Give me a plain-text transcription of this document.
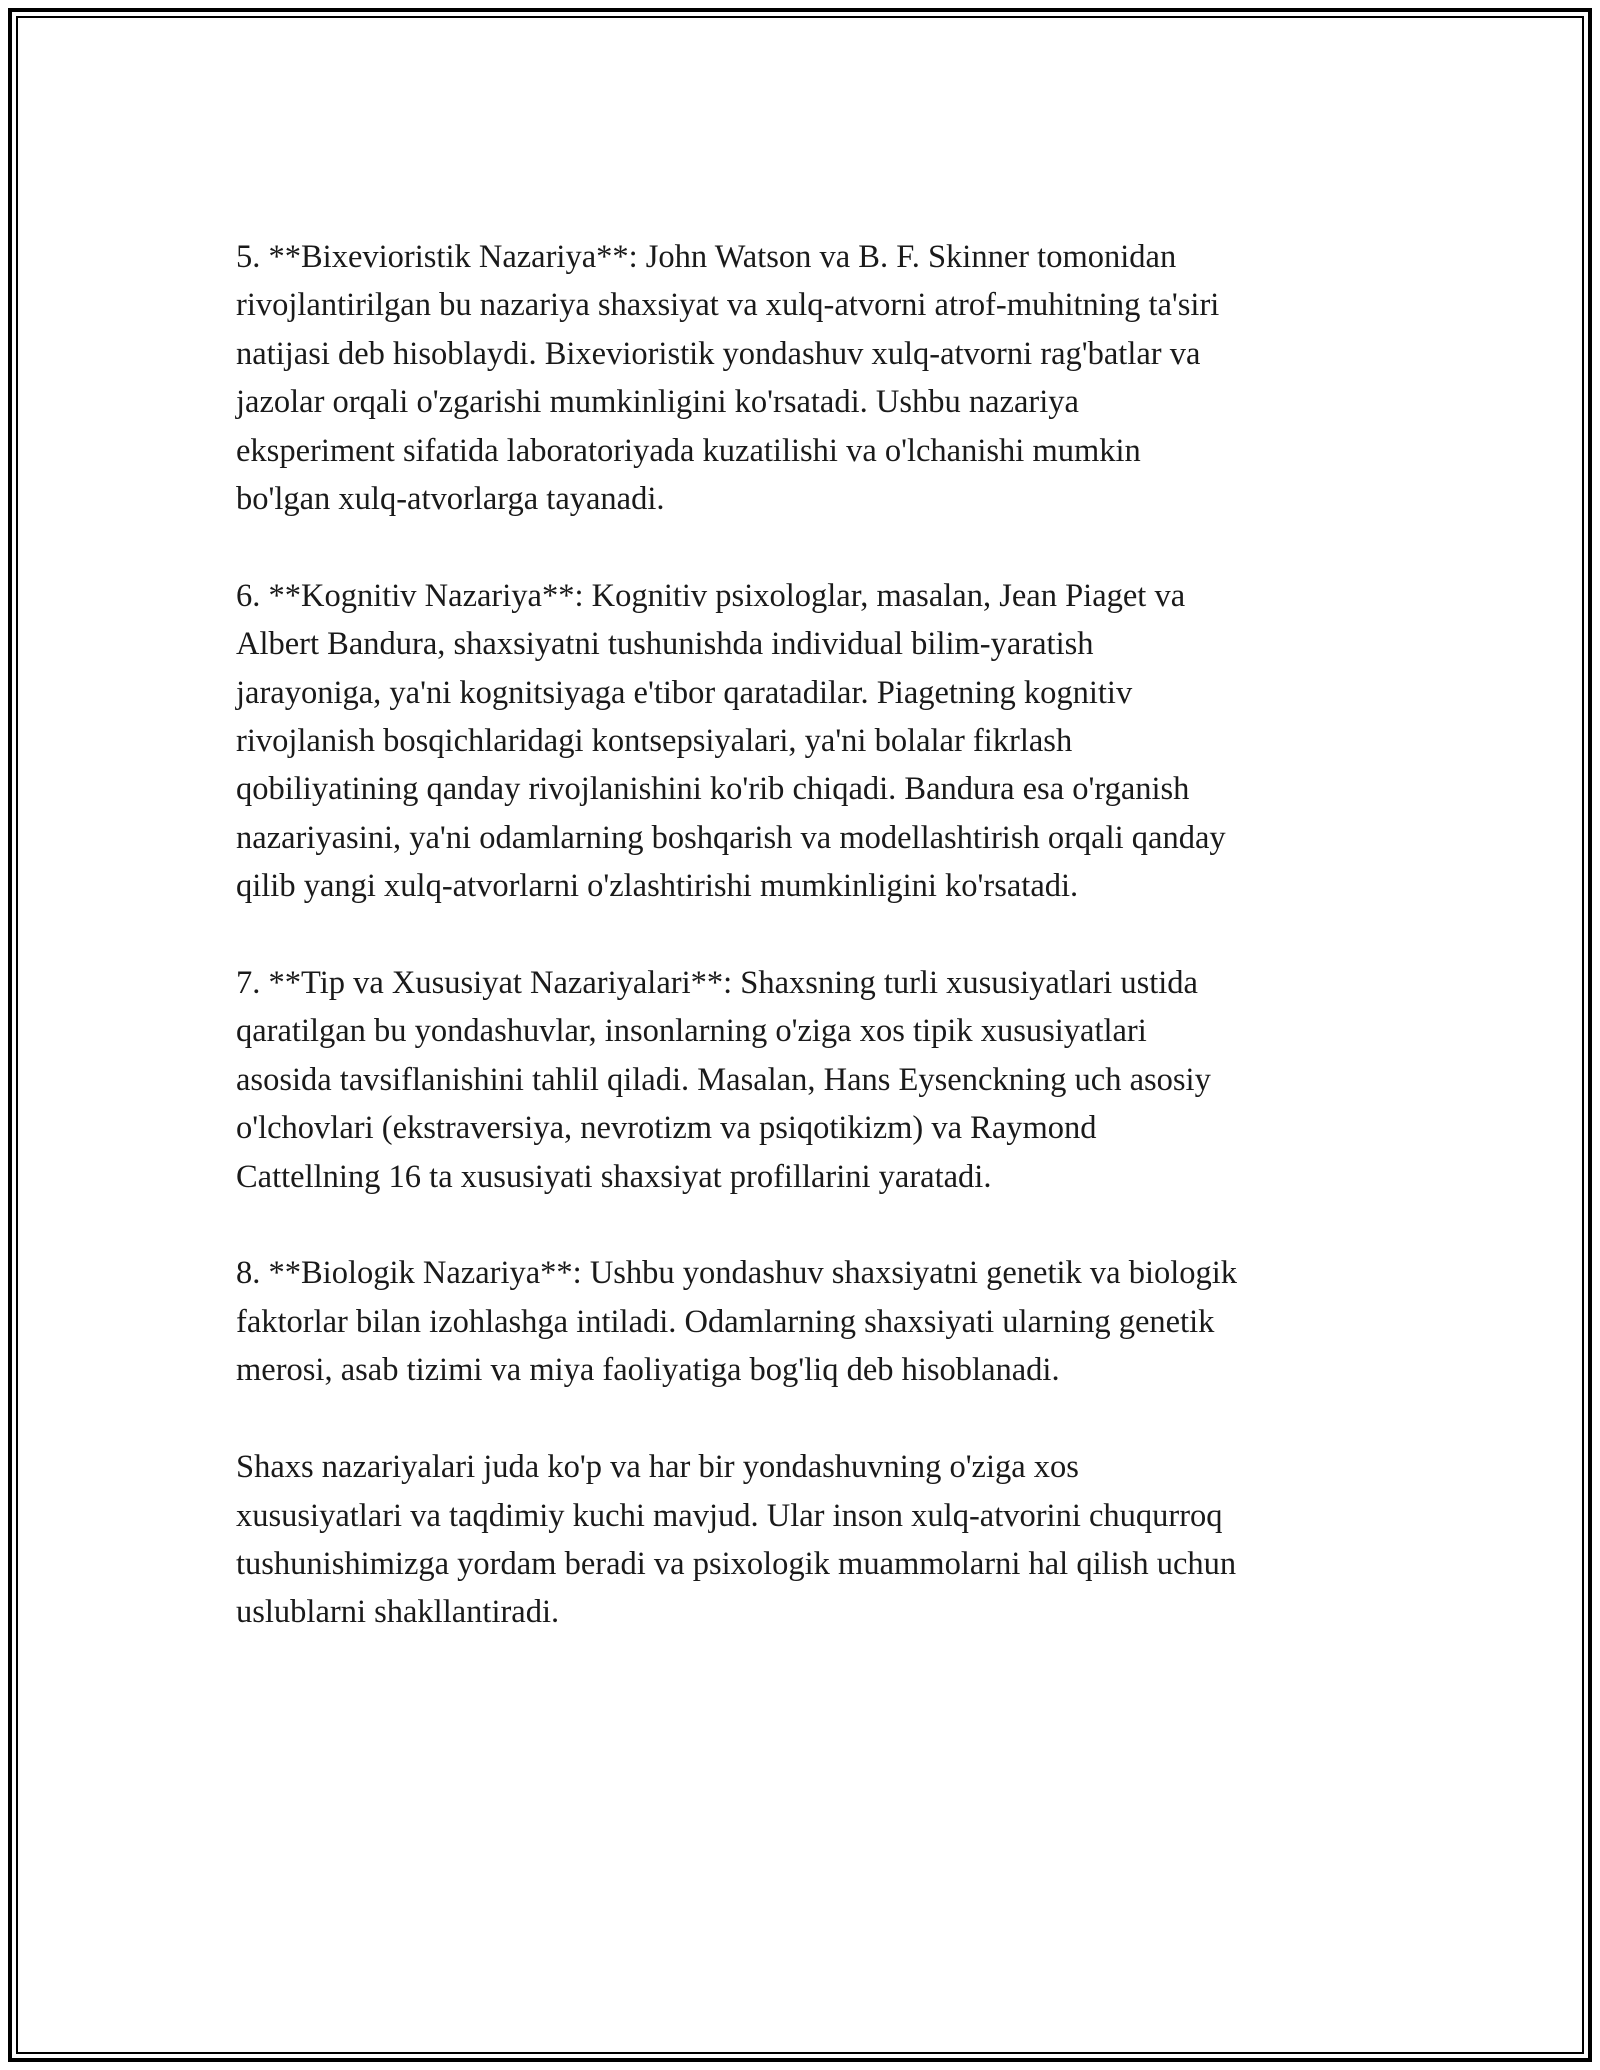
5. **Bixevioristik Nazariya**: John Watson va B. F. Skinner tomonidan
rivojlantirilgan bu nazariya shaxsiyat va xulq-atvorni atrof-muhitning ta'siri
natijasi deb hisoblaydi. Bixevioristik yondashuv xulq-atvorni rag'batlar va
jazolar orqali o'zgarishi mumkinligini ko'rsatadi. Ushbu nazariya
eksperiment sifatida laboratoriyada kuzatilishi va o'lchanishi mumkin
bo'lgan xulq-atvorlarga tayanadi.
6. **Kognitiv Nazariya**: Kognitiv psixologlar, masalan, Jean Piaget va
Albert Bandura, shaxsiyatni tushunishda individual bilim-yaratish
jarayoniga, ya'ni kognitsiyaga e'tibor qaratadilar. Piagetning kognitiv
rivojlanish bosqichlaridagi kontsepsiyalari, ya'ni bolalar fikrlash
qobiliyatining qanday rivojlanishini ko'rib chiqadi. Bandura esa o'rganish
nazariyasini, ya'ni odamlarning boshqarish va modellashtirish orqali qanday
qilib yangi xulq-atvorlarni o'zlashtirishi mumkinligini ko'rsatadi.
7. **Tip va Xususiyat Nazariyalari**: Shaxsning turli xususiyatlari ustida
qaratilgan bu yondashuvlar, insonlarning o'ziga xos tipik xususiyatlari
asosida tavsiflanishini tahlil qiladi. Masalan, Hans Eysenckning uch asosiy
o'lchovlari (ekstraversiya, nevrotizm va psiqotikizm) va Raymond
Cattellning 16 ta xususiyati shaxsiyat profillarini yaratadi.
8. **Biologik Nazariya**: Ushbu yondashuv shaxsiyatni genetik va biologik
faktorlar bilan izohlashga intiladi. Odamlarning shaxsiyati ularning genetik
merosi, asab tizimi va miya faoliyatiga bog'liq deb hisoblanadi.
Shaxs nazariyalari juda ko'p va har bir yondashuvning o'ziga xos
xususiyatlari va taqdimiy kuchi mavjud. Ular inson xulq-atvorini chuqurroq
tushunishimizga yordam beradi va psixologik muammolarni hal qilish uchun
uslublarni shakllantiradi.
